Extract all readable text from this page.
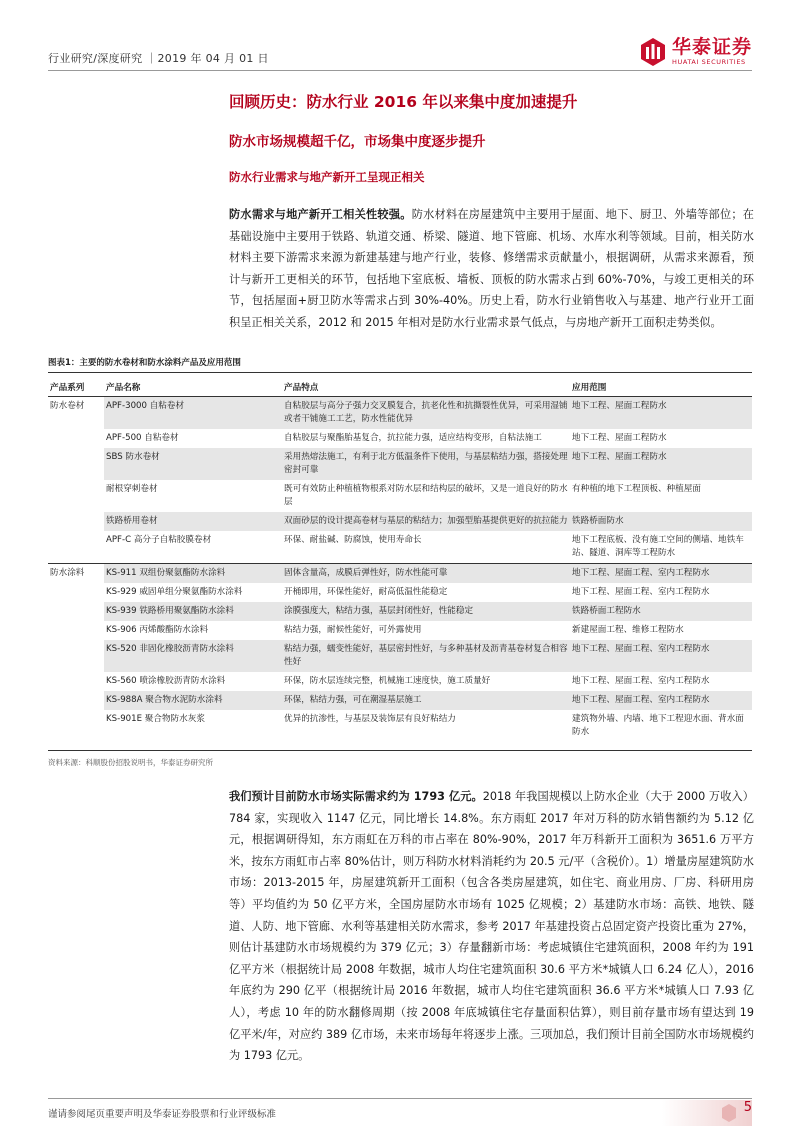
行业研究/深度研究 ｜2019 年 04 月 01 日
华泰证券
HUATAI SECURITIES
回顾历史：防水行业 2016 年以来集中度加速提升
防水市场规模超千亿，市场集中度逐步提升
防水行业需求与地产新开工呈现正相关
防水需求与地产新开工相关性较强。防水材料在房屋建筑中主要用于屋面、地下、厨卫、外墙等部位；在基础设施中主要用于铁路、轨道交通、桥梁、隧道、地下管廊、机场、水库水利等领域。目前，相关防水材料主要下游需求来源为新建基建与地产行业，装修、修缮需求贡献量小，根据调研，从需求来源看，预计与新开工更相关的环节，包括地下室底板、墙板、顶板的防水需求占到 60%-70%，与竣工更相关的环节，包括屋面+厨卫防水等需求占到 30%-40%。历史上看，防水行业销售收入与基建、地产行业开工面积呈正相关关系，2012 和 2015 年相对是防水行业需求景气低点，与房地产新开工面积走势类似。
图表1：主要的防水卷材和防水涂料产品及应用范围
产品系列	产品名称	产品特点	应用范围
防水卷材	APF-3000 自粘卷材	自粘胶层与高分子强力交叉膜复合，抗老化性和抗撕裂性优异，可采用湿铺或者干铺施工工艺，防水性能优异	地下工程、屋面工程防水
	APF-500 自粘卷材	自粘胶层与聚酯胎基复合，抗拉能力强，适应结构变形，自粘法施工	地下工程、屋面工程防水
	SBS 防水卷材	采用热熔法施工，有利于北方低温条件下使用，与基层粘结力强，搭接处理密封可靠	地下工程、屋面工程防水
	耐根穿刺卷材	既可有效防止种植植物根系对防水层和结构层的破坏，又是一道良好的防水层	有种植的地下工程顶板、种植屋面
	铁路桥用卷材	双面砂层的设计提高卷材与基层的粘结力；加强型胎基提供更好的抗拉能力	铁路桥面防水
	APF-C 高分子自粘胶膜卷材	环保、耐盐碱、防腐蚀，使用寿命长	地下工程底板、没有施工空间的侧墙、地铁车站、隧道、洞库等工程防水
防水涂料	KS-911 双组份聚氨酯防水涂料	固体含量高，成膜后弹性好，防水性能可靠	地下工程、屋面工程、室内工程防水
	KS-929 威固单组分聚氨酯防水涂料	开桶即用，环保性能好，耐高低温性能稳定	地下工程、屋面工程、室内工程防水
	KS-939 铁路桥用聚氨酯防水涂料	涂膜强度大，粘结力强，基层封闭性好，性能稳定	铁路桥面工程防水
	KS-906 丙烯酸酯防水涂料	粘结力强，耐候性能好，可外露使用	新建屋面工程、维修工程防水
	KS-520 非固化橡胶沥青防水涂料	粘结力强，蠕变性能好，基层密封性好，与多种基材及沥青基卷材复合相容性好	地下工程、屋面工程、室内工程防水
	KS-560 喷涂橡胶沥青防水涂料	环保，防水层连续完整，机械施工速度快，施工质量好	地下工程、屋面工程、室内工程防水
	KS-988A 聚合物水泥防水涂料	环保，粘结力强，可在潮湿基层施工	地下工程、屋面工程、室内工程防水
	KS-901E 聚合物防水灰浆	优异的抗渗性，与基层及装饰层有良好粘结力	建筑物外墙、内墙、地下工程迎水面、背水面防水
资料来源：科顺股份招股说明书，华泰证券研究所
我们预计目前防水市场实际需求约为 1793 亿元。2018 年我国规模以上防水企业（大于 2000 万收入）784 家，实现收入 1147 亿元，同比增长 14.8%。东方雨虹 2017 年对万科的防水销售额约为 5.12 亿元，根据调研得知，东方雨虹在万科的市占率在 80%-90%，2017 年万科新开工面积为 3651.6 万平方米，按东方雨虹市占率 80%估计，则万科防水材料消耗约为 20.5 元/平（含税价）。1）增量房屋建筑防水市场：2013-2015 年，房屋建筑新开工面积（包含各类房屋建筑，如住宅、商业用房、厂房、科研用房等）平均值约为 50 亿平方米，全国房屋防水市场有 1025 亿规模；2）基建防水市场：高铁、地铁、隧道、人防、地下管廊、水利等基建相关防水需求，参考 2017 年基建投资占总固定资产投资比重为 27%，则估计基建防水市场规模约为 379 亿元；3）存量翻新市场：考虑城镇住宅建筑面积，2008 年约为 191 亿平方米（根据统计局 2008 年数据，城市人均住宅建筑面积 30.6 平方米*城镇人口 6.24 亿人），2016 年底约为 290 亿平（根据统计局 2016 年数据，城市人均住宅建筑面积 36.6 平方米*城镇人口 7.93 亿人），考虑 10 年的防水翻修周期（按 2008 年底城镇住宅存量面积估算），则目前存量市场有望达到 19 亿平米/年，对应约 389 亿市场，未来市场每年将逐步上涨。三项加总，我们预计目前全国防水市场规模约为 1793 亿元。
谨请参阅尾页重要声明及华泰证券股票和行业评级标准	5
